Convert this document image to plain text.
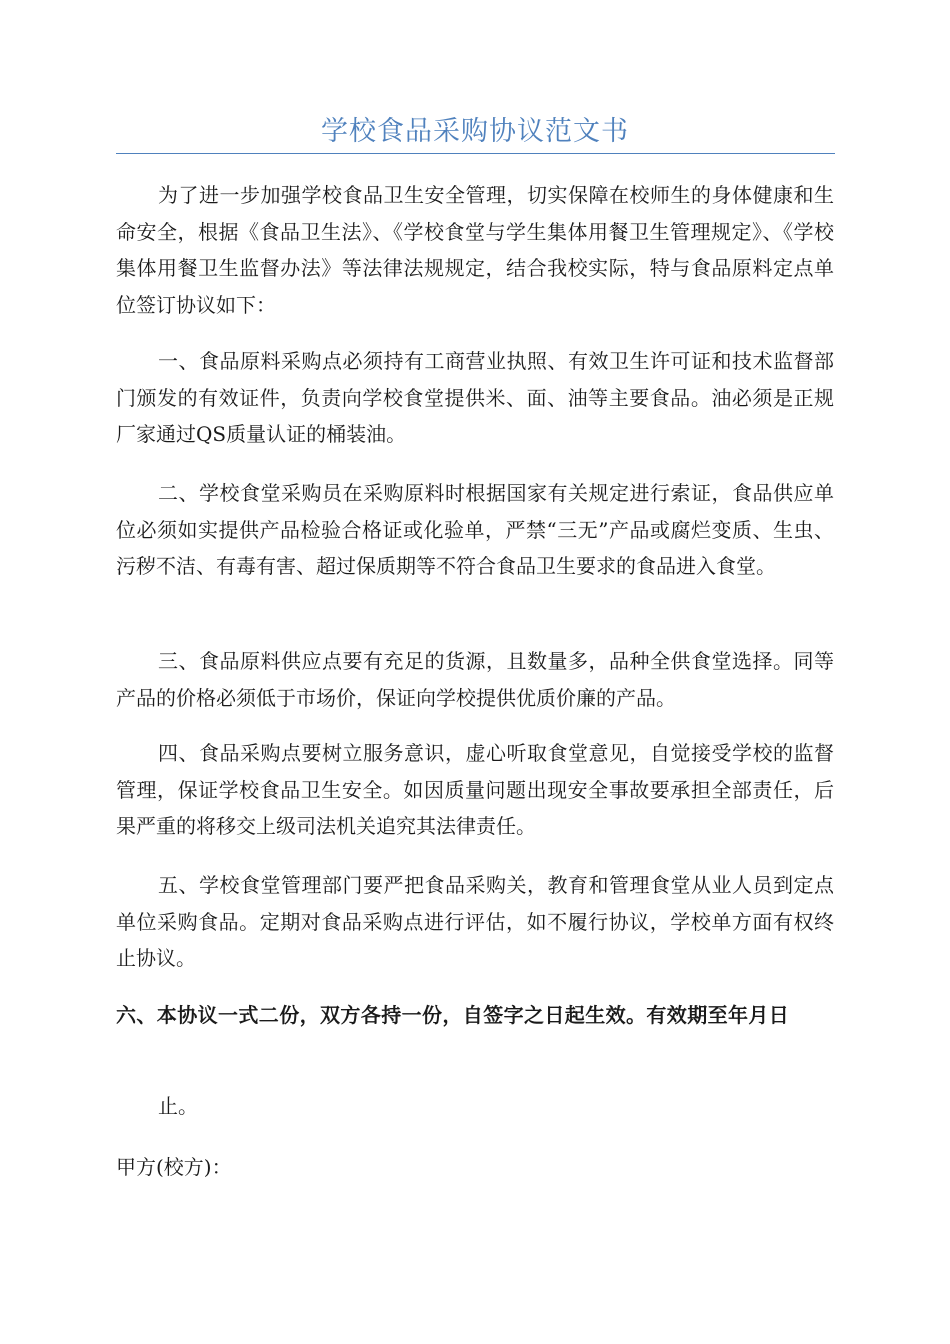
学校食品采购协议范文书

为了进一步加强学校食品卫生安全管理，切实保障在校师生的身体健康和生命安全，根据《食品卫生法》、《学校食堂与学生集体用餐卫生管理规定》、《学校集体用餐卫生监督办法》等法律法规规定，结合我校实际，特与食品原料定点单位签订协议如下：

一、食品原料采购点必须持有工商营业执照、有效卫生许可证和技术监督部门颁发的有效证件，负责向学校食堂提供米、面、油等主要食品。油必须是正规厂家通过QS质量认证的桶装油。

二、学校食堂采购员在采购原料时根据国家有关规定进行索证，食品供应单位必须如实提供产品检验合格证或化验单，严禁“三无”产品或腐烂变质、生虫、污秽不洁、有毒有害、超过保质期等不符合食品卫生要求的食品进入食堂。

三、食品原料供应点要有充足的货源，且数量多，品种全供食堂选择。同等产品的价格必须低于市场价，保证向学校提供优质价廉的产品。

四、食品采购点要树立服务意识，虚心听取食堂意见，自觉接受学校的监督管理，保证学校食品卫生安全。如因质量问题出现安全事故要承担全部责任，后果严重的将移交上级司法机关追究其法律责任。

五、学校食堂管理部门要严把食品采购关，教育和管理食堂从业人员到定点单位采购食品。定期对食品采购点进行评估，如不履行协议，学校单方面有权终止协议。

六、本协议一式二份，双方各持一份，自签字之日起生效。有效期至年月日

止。

甲方(校方)：
